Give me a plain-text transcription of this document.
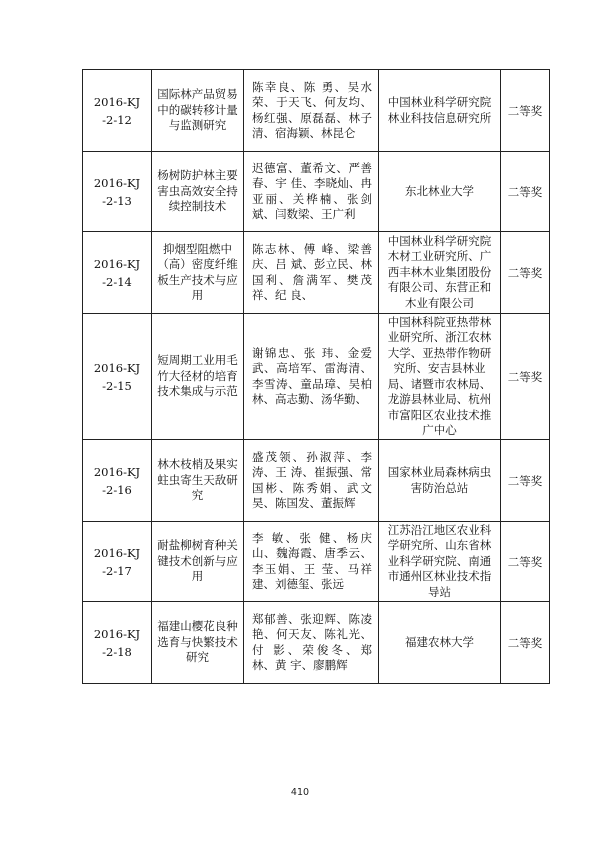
2016-KJ
-2-12	国际林产品贸易中的碳转移计量与监测研究	陈幸良、陈 勇、吴水荣、于天飞、何友均、杨红强、原磊磊、林子清、宿海颖、林昆仑	中国林业科学研究院林业科技信息研究所	二等奖

2016-KJ
-2-13	杨树防护林主要害虫高效安全持续控制技术	迟德富、董希文、严善春、宇 佳、李晓灿、冉亚丽、关桦楠、张剑斌、闫数梁、王广利	东北林业大学	二等奖

2016-KJ
-2-14	抑烟型阻燃中（高）密度纤维板生产技术与应用	陈志林、傅 峰、梁善庆、吕 斌、彭立民、林国利、詹满军、樊茂祥、纪 良、	中国林业科学研究院木材工业研究所、广西丰林木业集团股份有限公司、东营正和木业有限公司	二等奖

2016-KJ
-2-15	短周期工业用毛竹大径材的培育技术集成与示范	谢锦忠、张 玮、金爱武、高培军、雷海清、李雪涛、童品璋、吴柏林、高志勤、汤华勤、	中国林科院亚热带林业研究所、浙江农林大学、亚热带作物研究所、安吉县林业局、诸暨市农林局、龙游县林业局、杭州市富阳区农业技术推广中心	二等奖

2016-KJ
-2-16	林木枝梢及果实蛀虫寄生天敌研究	盛茂领、孙淑萍、李涛、王 涛、崔振强、常国彬、陈秀娟、武文昊、陈国发、董振辉	国家林业局森林病虫害防治总站	二等奖

2016-KJ
-2-17	耐盐柳树育种关键技术创新与应用	李 敏、张 健、杨庆山、魏海霞、唐季云、李玉娟、王 莹、马祥建、刘德玺、张远	江苏沿江地区农业科学研究所、山东省林业科学研究院、南通市通州区林业技术指导站	二等奖

2016-KJ
-2-18	福建山樱花良种选育与快繁技术研究	郑郁善、张迎辉、陈凌艳、何天友、陈礼光、付 影、荣俊冬、郑 林、黄 宇、廖鹏辉	福建农林大学	二等奖
410
